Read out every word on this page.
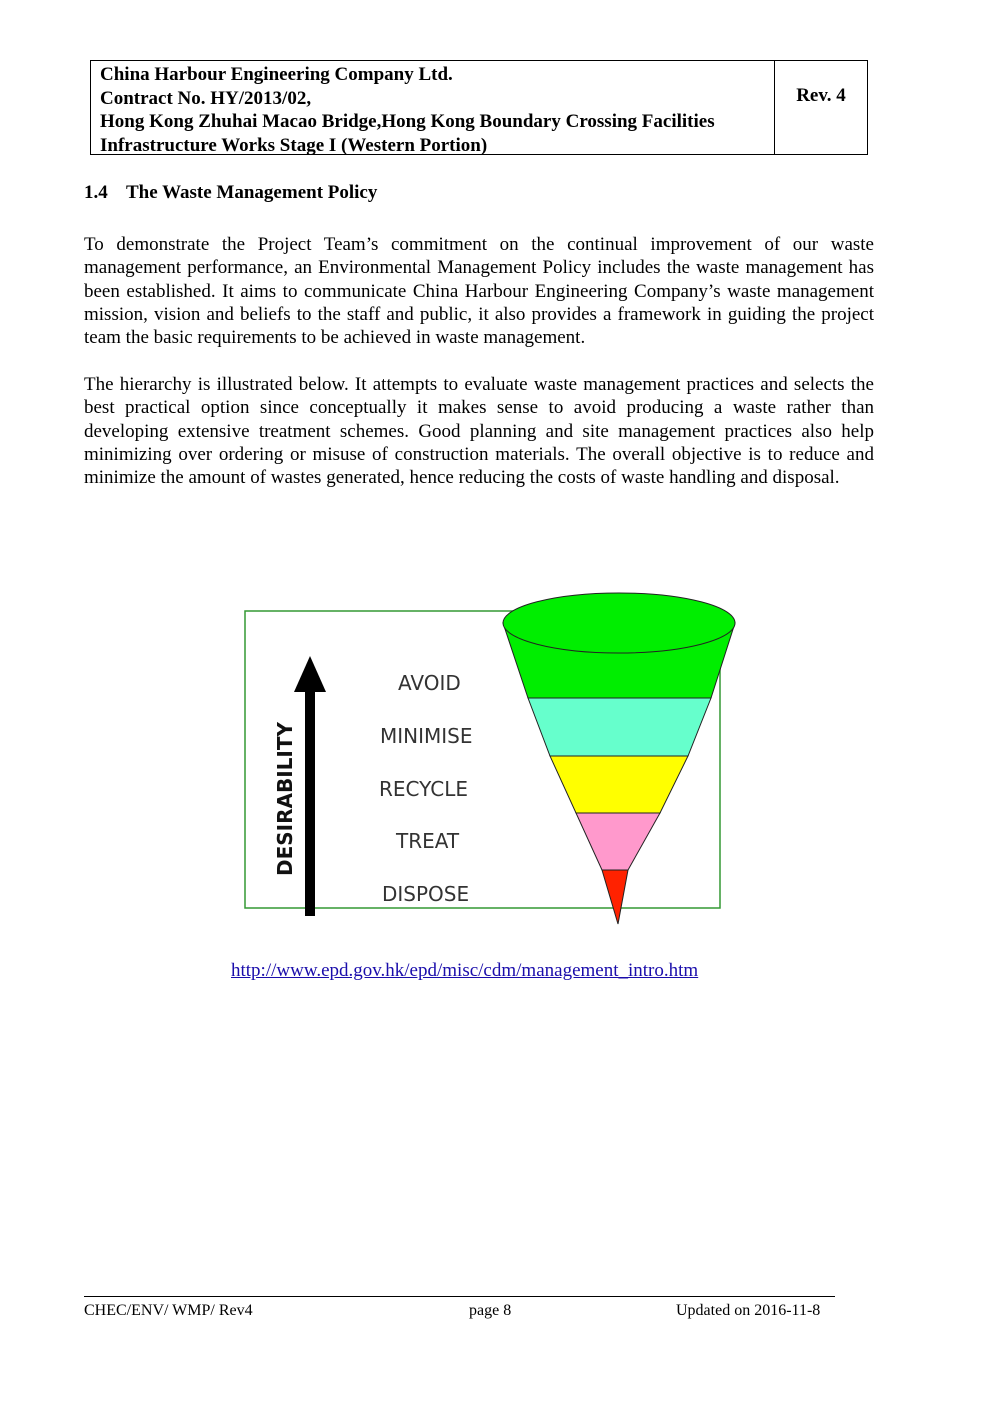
China Harbour Engineering Company Ltd.
Contract No. HY/2013/02,
Hong Kong Zhuhai Macao Bridge,Hong Kong Boundary Crossing Facilities
Infrastructure Works Stage I (Western Portion)
Rev. 4
1.4 The Waste Management Policy

To demonstrate the Project Team’s commitment on the continual improvement of our waste management performance, an Environmental Management Policy includes the waste management has been established. It aims to communicate China Harbour Engineering Company’s waste management mission, vision and beliefs to the staff and public, it also provides a framework in guiding the project team the basic requirements to be achieved in waste management.

The hierarchy is illustrated below. It attempts to evaluate waste management practices and selects the best practical option since conceptually it makes sense to avoid producing a waste rather than developing extensive treatment schemes. Good planning and site management practices also help minimizing over ordering or misuse of construction materials. The overall objective is to reduce and minimize the amount of wastes generated, hence reducing the costs of waste handling and disposal.

DESIRABILITY
AVOID
MINIMISE
RECYCLE
TREAT
DISPOSE
http://www.epd.gov.hk/epd/misc/cdm/management_intro.htm
CHEC/ENV/ WMP/ Rev4	page 8	Updated on 2016-11-8
